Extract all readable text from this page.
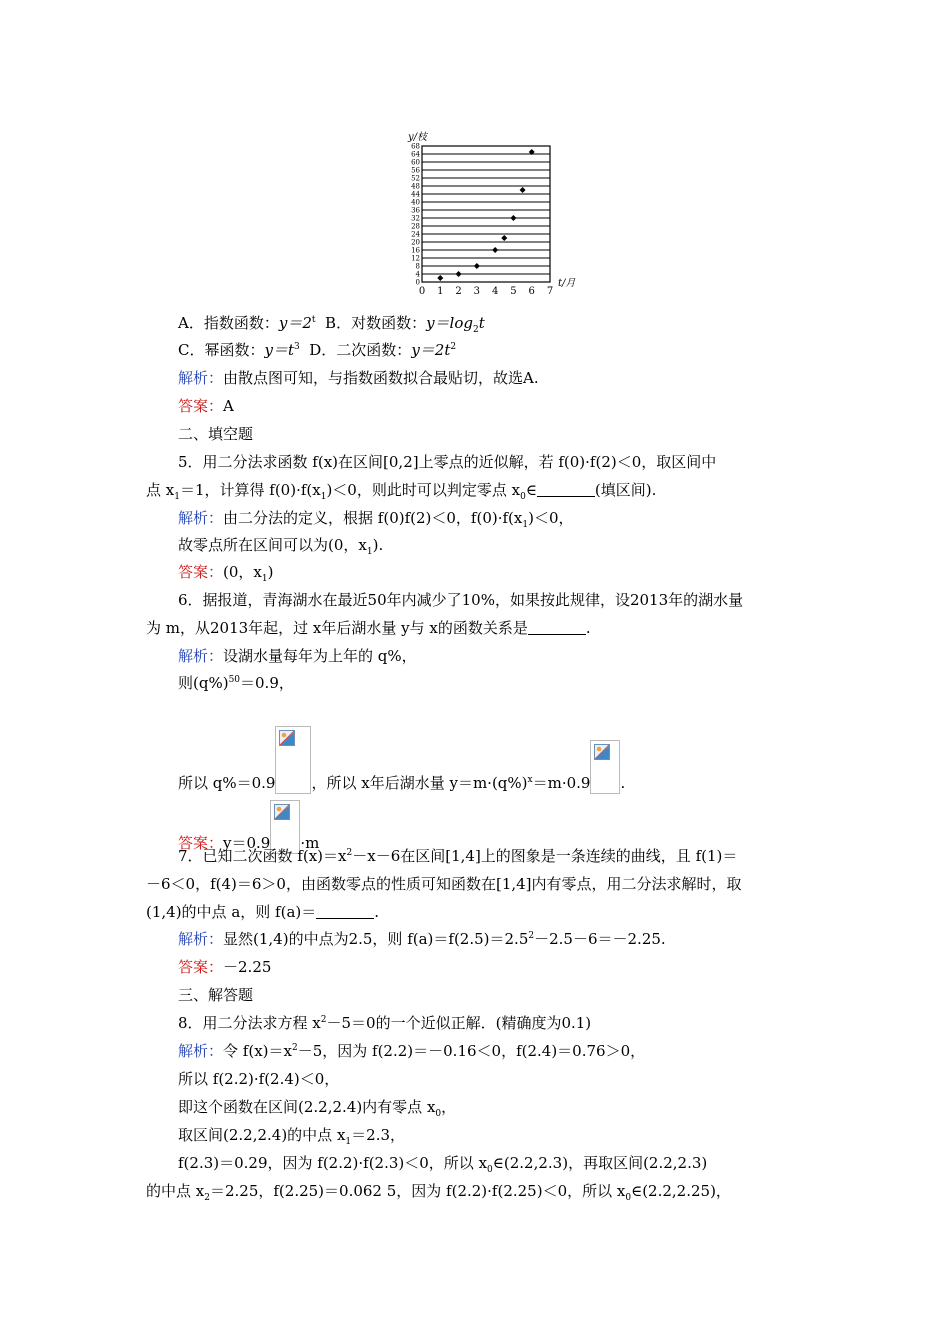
0
4
8
12
16
20
24
28
32
36
40
44
48
52
56
60
64
68
0 1 2 3 4 5 6 7
y/枝
t/月
A．指数函数：$y=2^t$ B．对数函数：$y=\log_2t$
C．幂函数：$y=t^3$ D．二次函数：$y=2t^2$
解析：由散点图可知，与指数函数拟合最贴切，故选A.
答案：A
二、填空题
5．用二分法求函数 f(x)在区间[0,2]上零点的近似解，若 f(0)·f(2)＜0，取区间中
点 $x_1=1$，计算得 $f(0)\cdot f(x_1)<0$，则此时可以判定零点 $x_0\in$	(填区间).
解析：由二分法的定义，根据 f(0)f(2)＜0，$f(0)\cdot f(x_1)<0$，
故零点所在区间可以为(0，$x_1$).
答案：(0，$x_1$)
6．据报道，青海湖水在最近50年内减少了10%，如果按此规律，设2013年的湖水量
为 m，从2013年起，过 x年后湖水量 y与 x的函数关系是	.
解析：设湖水量每年为上年的 q%，
则$(q\%)^{50}=0.9$，
所以 q%＝0.9 ，所以 x年后湖水量 $y=m\cdot(q\%)^x=m\cdot 0.9$ .
答案：y＝0.9 ·m
7．已知二次函数 $f(x)=x^2-x-6$在区间[1,4]上的图象是一条连续的曲线，且 f(1)＝
－6＜0，f(4)＝6＞0，由函数零点的性质可知函数在[1,4]内有零点，用二分法求解时，取
(1,4)的中点 a，则 f(a)＝	.
解析：显然(1,4)的中点为2.5，则 $f(a)=f(2.5)=2.5^2-2.5-6=-2.25$.
答案：－2.25
三、解答题
8．用二分法求方程 $x^2-5=0$的一个近似正解．(精确度为0.1)
解析：令 $f(x)=x^2-5$，因为 f(2.2)＝－0.16＜0，f(2.4)＝0.76＞0，
所以 f(2.2)·f(2.4)＜0，
即这个函数在区间(2.2,2.4)内有零点 $x_0$，
取区间(2.2,2.4)的中点 $x_1=2.3$，
f(2.3)＝0.29，因为 f(2.2)·f(2.3)＜0，所以 $x_0\in(2.2,2.3)$，再取区间(2.2,2.3)
的中点 $x_2=2.25$，f(2.25)＝0.062 5，因为 f(2.2)·f(2.25)＜0，所以 $x_0\in(2.2,2.25)$，
